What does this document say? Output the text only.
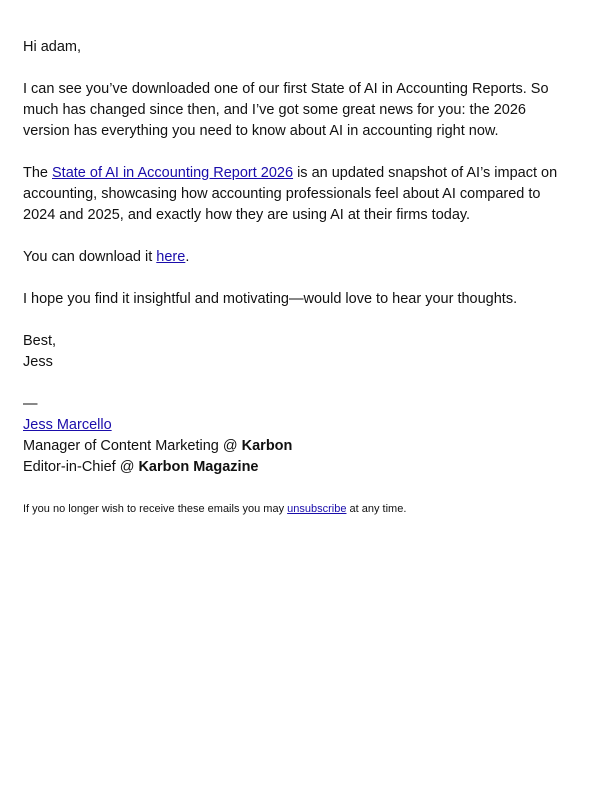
Hi adam,

I can see you’ve downloaded one of our first State of AI in Accounting Reports. So much has changed since then, and I’ve got some great news for you: the 2026 version has everything you need to know about AI in accounting right now.

The State of AI in Accounting Report 2026 is an updated snapshot of AI’s impact on accounting, showcasing how accounting professionals feel about AI compared to 2024 and 2025, and exactly how they are using AI at their firms today.

You can download it here.

I hope you find it insightful and motivating—would love to hear your thoughts.

Best,
Jess
—
Jess Marcello
Manager of Content Marketing @ Karbon
Editor-in-Chief @ Karbon Magazine
If you no longer wish to receive these emails you may unsubscribe at any time.
